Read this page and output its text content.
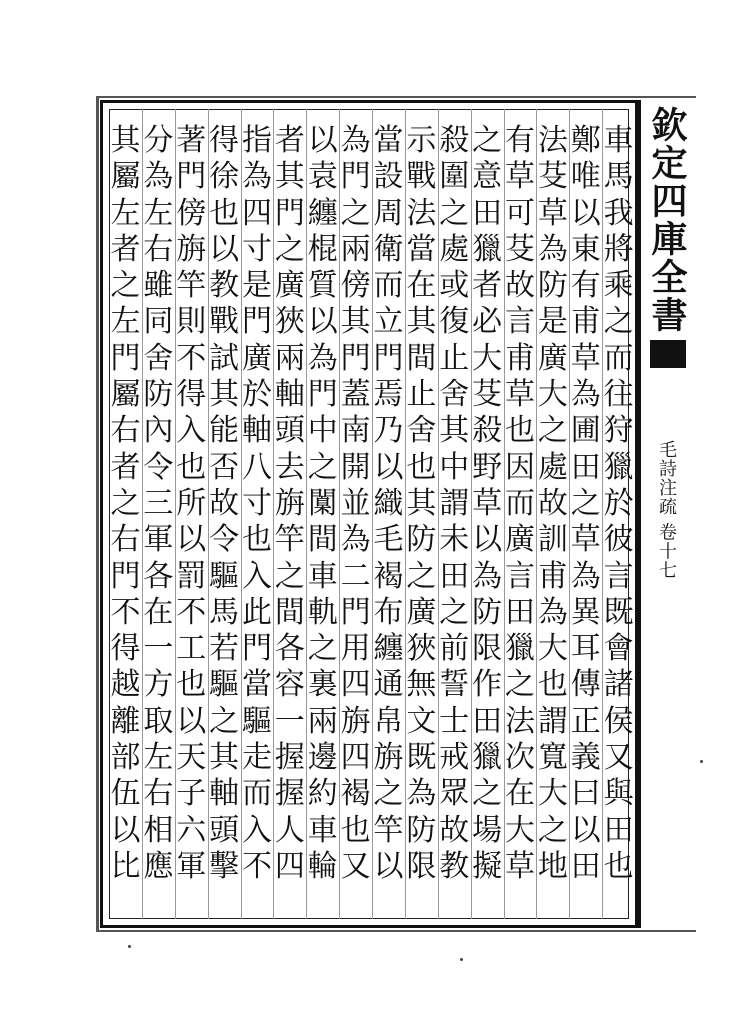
車
馬
我
將
乘
之
而
往
狩
獵
於
彼
言
既
會
諸
侯
又
與
田
也
鄭
唯
以
東
有
甫
草
為
圃
田
之
草
為
異
耳
傳
正
義
曰
以
田
法
芟
草
為
防
是
廣
大
之
處
故
訓
甫
為
大
也
謂
寬
大
之
地
有
草
可
芟
故
言
甫
草
也
因
而
廣
言
田
獵
之
法
次
在
大
草
之
意
田
獵
者
必
大
芟
殺
野
草
以
為
防
限
作
田
獵
之
場
擬
殺
圍
之
處
或
復
止
舍
其
中
謂
未
田
之
前
誓
士
戒
眾
故
教
示
戰
法
當
在
其
間
止
舍
也
其
防
之
廣
狹
無
文
既
為
防
限
當
設
周
衛
而
立
門
焉
乃
以
織
毛
褐
布
纏
通
帛
旃
之
竿
以
為
門
之
兩
傍
其
門
蓋
南
開
並
為
二
門
用
四
旃
四
褐
也
又
以
袁
纏
棍
質
以
為
門
中
之
闑
間
車
軌
之
裏
兩
邊
約
車
輪
者
其
門
之
廣
狹
兩
軸
頭
去
旃
竿
之
間
各
容
一
握
握
人
四
指
為
四
寸
是
門
廣
於
軸
八
寸
也
入
此
門
當
驅
走
而
入
不
得
徐
也
以
教
戰
試
其
能
否
故
令
驅
馬
若
驅
之
其
軸
頭
擊
著
門
傍
旃
竿
則
不
得
入
也
所
以
罰
不
工
也
以
天
子
六
軍
分
為
左
右
雖
同
舍
防
內
令
三
軍
各
在
一
方
取
左
右
相
應
其
屬
左
者
之
左
門
屬
右
者
之
右
門
不
得
越
離
部
伍
以
比
欽定四庫全書
毛詩注疏 卷十七
